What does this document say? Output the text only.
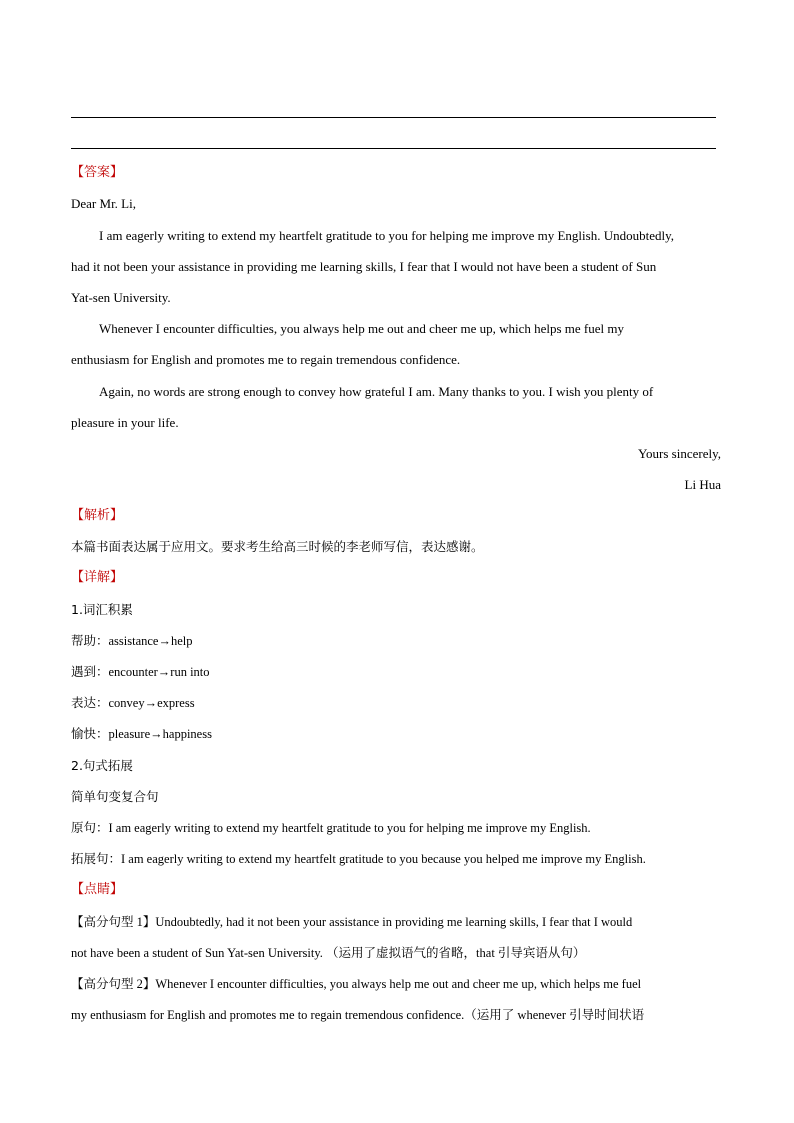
【答案】
Dear Mr. Li,
I am eagerly writing to extend my heartfelt gratitude to you for helping me improve my English. Undoubtedly,
had it not been your assistance in providing me learning skills, I fear that I would not have been a student of Sun
Yat-sen University.
Whenever I encounter difficulties, you always help me out and cheer me up, which helps me fuel my
enthusiasm for English and promotes me to regain tremendous confidence.
Again, no words are strong enough to convey how grateful I am. Many thanks to you. I wish you plenty of
pleasure in your life.
Yours sincerely,
Li Hua
【解析】
本篇书面表达属于应用文。要求考生给高三时候的李老师写信，表达感谢。
【详解】
1.词汇积累
帮助：assistance→help
遇到：encounter→run into
表达：convey→express
愉快：pleasure→happiness
2.句式拓展
简单句变复合句
原句：I am eagerly writing to extend my heartfelt gratitude to you for helping me improve my English.
拓展句：I am eagerly writing to extend my heartfelt gratitude to you because you helped me improve my English.
【点睛】
【高分句型 1】Undoubtedly, had it not been your assistance in providing me learning skills, I fear that I would
not have been a student of Sun Yat-sen University. （运用了虚拟语气的省略，that 引导宾语从句）
【高分句型 2】Whenever I encounter difficulties, you always help me out and cheer me up, which helps me fuel
my enthusiasm for English and promotes me to regain tremendous confidence.（运用了 whenever 引导时间状语
